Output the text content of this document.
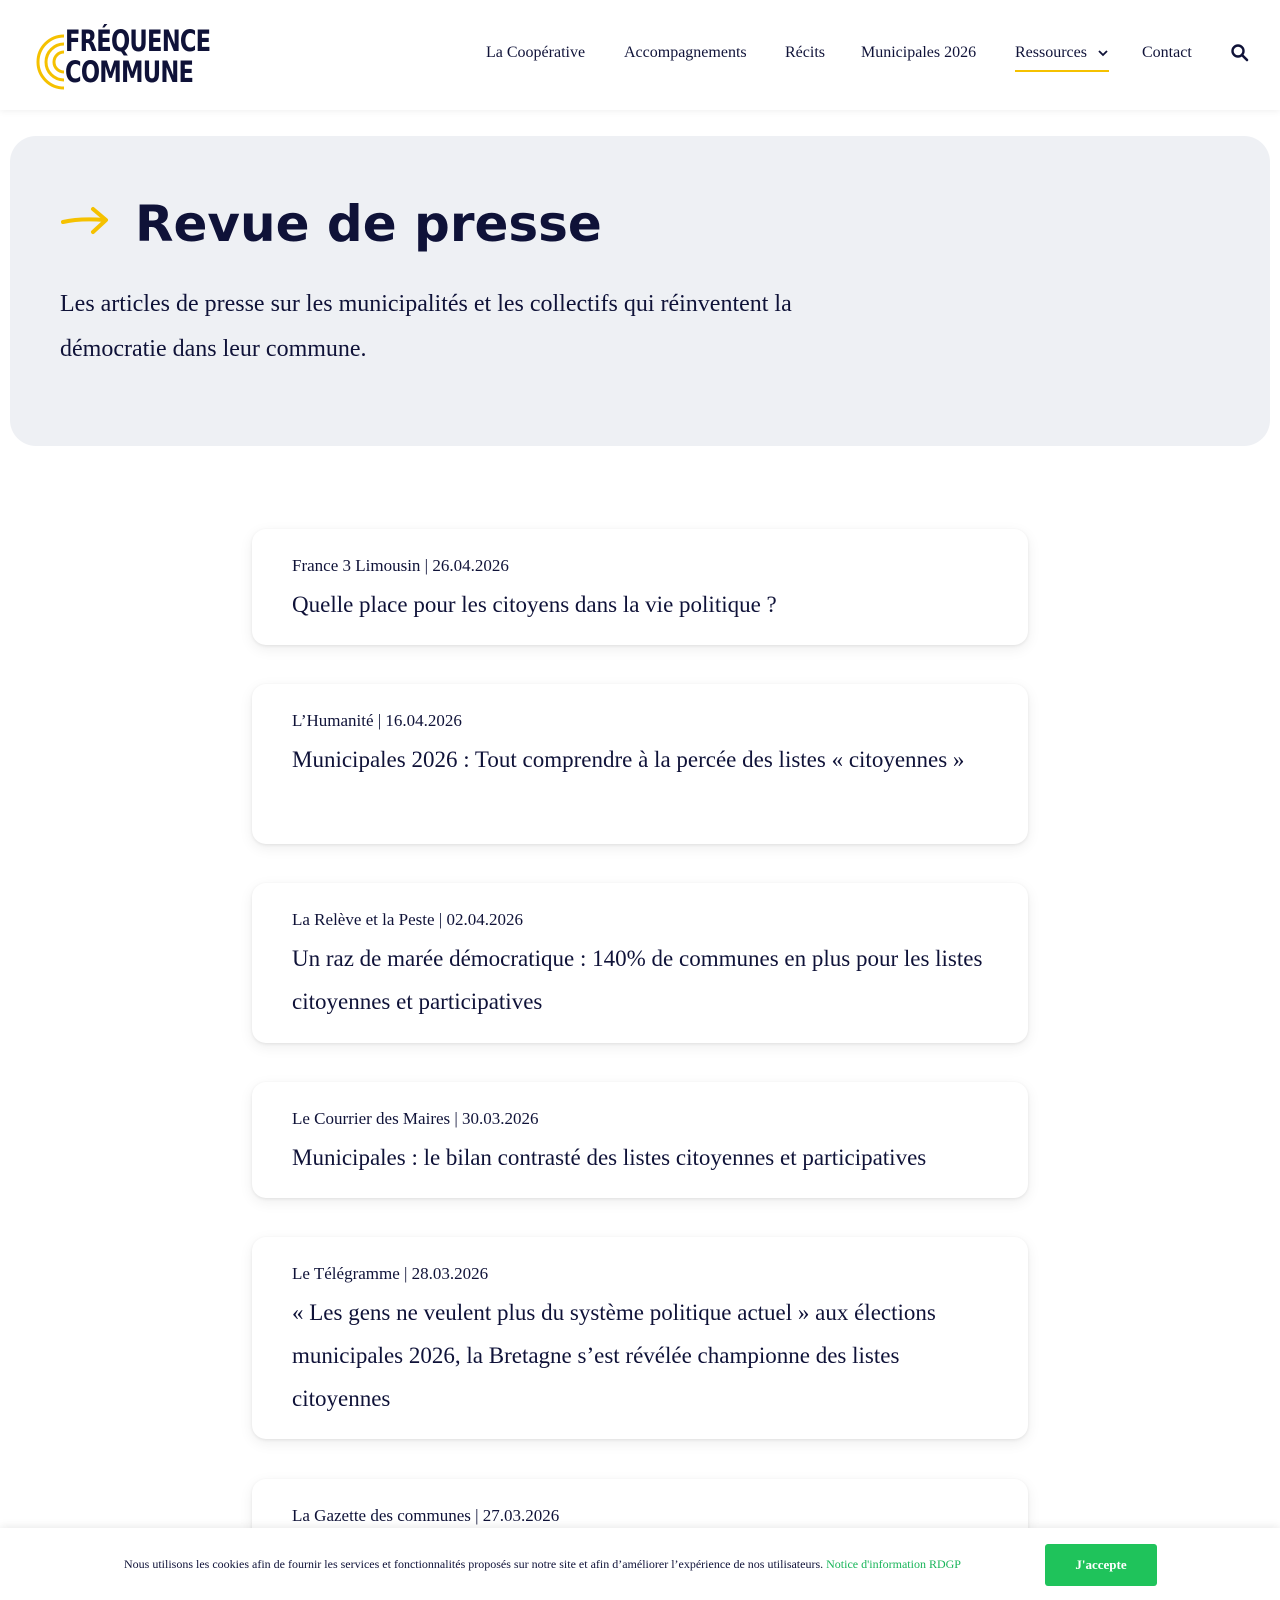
FRÉQUENCE
COMMUNE
La Coopérative Accompagnements Récits Municipales 2026 Ressources	Contact
Revue de presse

Les articles de presse sur les municipalités et les collectifs qui réinventent la démocratie dans leur commune.

France 3 Limousin | 26.04.2026
Quelle place pour les citoyens dans la vie politique ?
L’Humanité | 16.04.2026
Municipales 2026 : Tout comprendre à la percée des listes « citoyennes »
La Relève et la Peste | 02.04.2026
Un raz de marée démocratique : 140% de communes en plus pour les listes citoyennes et participatives
Le Courrier des Maires | 30.03.2026
Municipales : le bilan contrasté des listes citoyennes et participatives
Le Télégramme | 28.03.2026
« Les gens ne veulent plus du système politique actuel » aux élections municipales 2026, la Bretagne s’est révélée championne des listes citoyennes
La Gazette des communes | 27.03.2026

Nous utilisons les cookies afin de fournir les services et fonctionnalités proposés sur notre site et afin d’améliorer l’expérience de nos utilisateurs. Notice d'information RDGP	J'accepte
